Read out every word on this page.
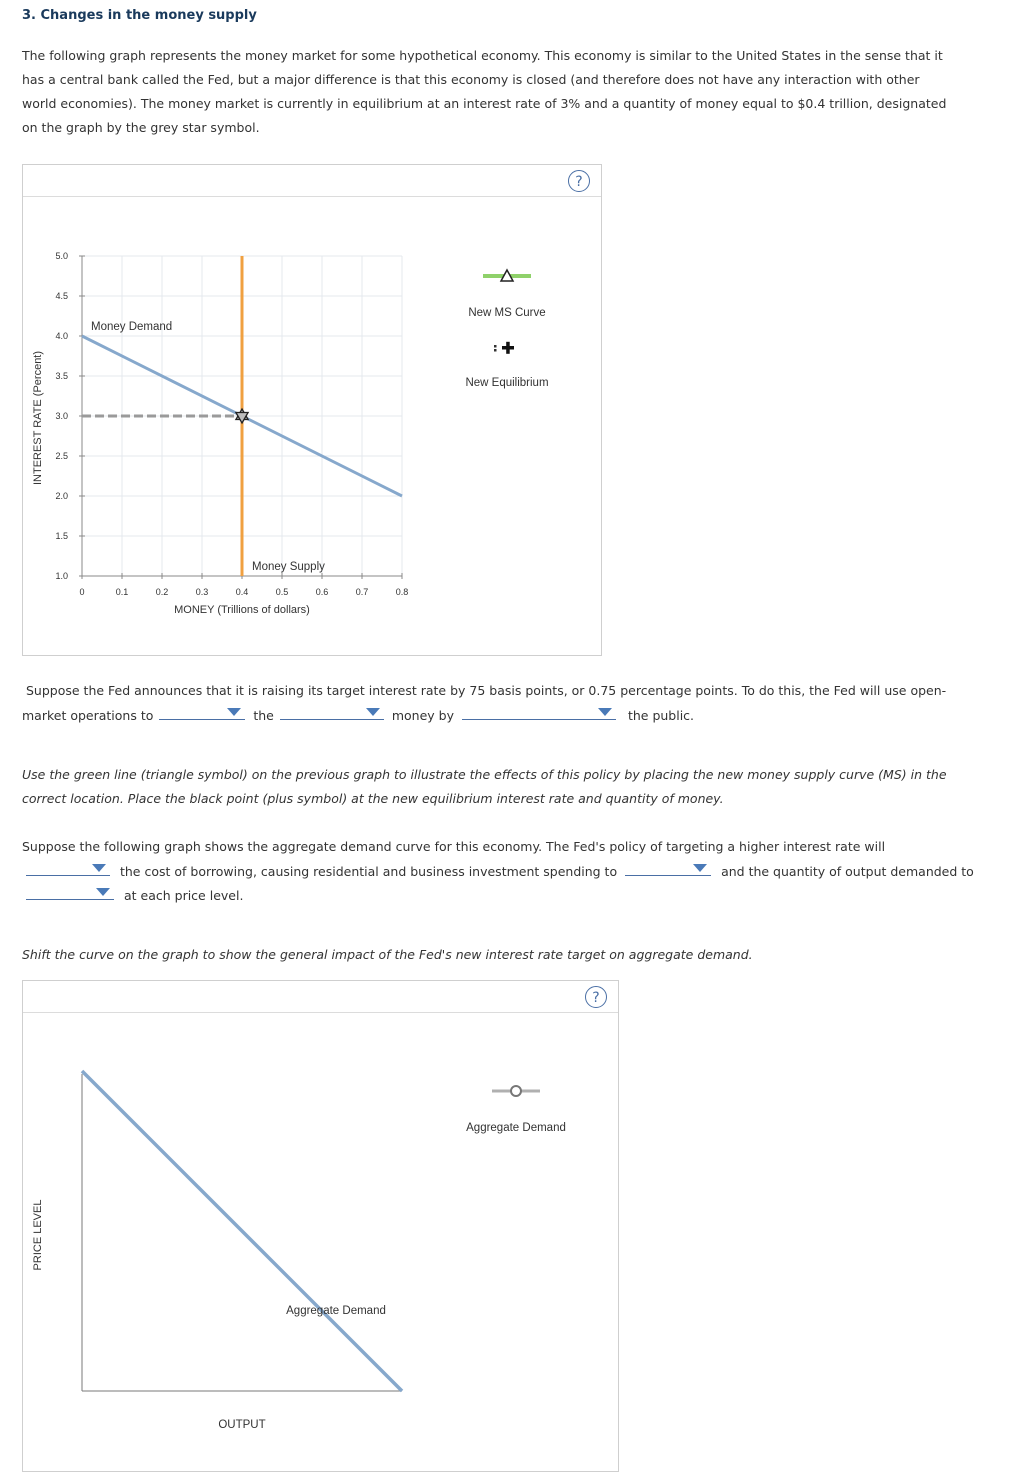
3. Changes in the money supply
The following graph represents the money market for some hypothetical economy. This economy is similar to the United States in the sense that it has a central bank called the Fed, but a major difference is that this economy is closed (and therefore does not have any interaction with other world economies). The money market is currently in equilibrium at an interest rate of 3% and a quantity of money equal to $0.4 trillion, designated on the graph by the grey star symbol.
?
5.0
4.5
4.0
3.5
3.0
2.5
2.0
1.5
1.0
0	0.1	0.2	0.3	0.4	0.5	0.6	0.7	0.8
INTEREST RATE (Percent)
MONEY (Trillions of dollars)
Money Demand
Money Supply
New MS Curve
New Equilibrium
Suppose the Fed announces that it is raising its target interest rate by 75 basis points, or 0.75 percentage points. To do this, the Fed will use open-
market operations to	the	money by	the public.
Use the green line (triangle symbol) on the previous graph to illustrate the effects of this policy by placing the new money supply curve (MS) in the correct location. Place the black point (plus symbol) at the new equilibrium interest rate and quantity of money.
Suppose the following graph shows the aggregate demand curve for this economy. The Fed's policy of targeting a higher interest rate will
the cost of borrowing, causing residential and business investment spending to	and the quantity of output demanded to
at each price level.
Shift the curve on the graph to show the general impact of the Fed's new interest rate target on aggregate demand.
?
PRICE LEVEL
Aggregate Demand
OUTPUT
Aggregate Demand
